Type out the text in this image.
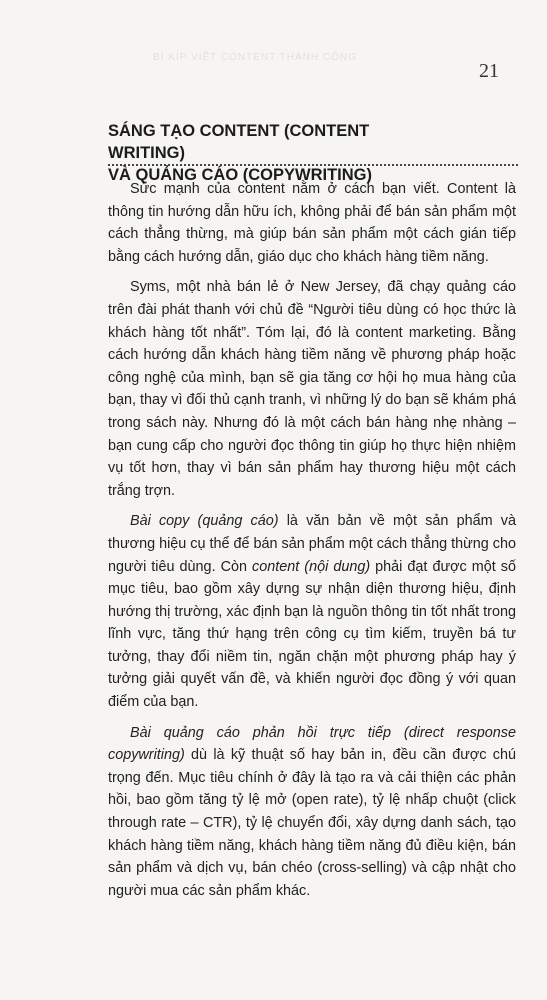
BÍ KÍP VIẾT CONTENT THÀNH CÔNG
21
SÁNG TẠO CONTENT (CONTENT WRITING)
VÀ QUẢNG CÁO (COPYWRITING)

Sức mạnh của content nằm ở cách bạn viết. Content là thông tin hướng dẫn hữu ích, không phải để bán sản phẩm một cách thẳng thừng, mà giúp bán sản phẩm một cách gián tiếp bằng cách hướng dẫn, giáo dục cho khách hàng tiềm năng.

Syms, một nhà bán lẻ ở New Jersey, đã chạy quảng cáo trên đài phát thanh với chủ đề “Người tiêu dùng có học thức là khách hàng tốt nhất”. Tóm lại, đó là content marketing. Bằng cách hướng dẫn khách hàng tiềm năng về phương pháp hoặc công nghệ của mình, bạn sẽ gia tăng cơ hội họ mua hàng của bạn, thay vì đối thủ cạnh tranh, vì những lý do bạn sẽ khám phá trong sách này. Nhưng đó là một cách bán hàng nhẹ nhàng – bạn cung cấp cho người đọc thông tin giúp họ thực hiện nhiệm vụ tốt hơn, thay vì bán sản phẩm hay thương hiệu một cách trắng trợn.

Bài copy (quảng cáo) là văn bản về một sản phẩm và thương hiệu cụ thể để bán sản phẩm một cách thẳng thừng cho người tiêu dùng. Còn content (nội dung) phải đạt được một số mục tiêu, bao gồm xây dựng sự nhận diện thương hiệu, định hướng thị trường, xác định bạn là nguồn thông tin tốt nhất trong lĩnh vực, tăng thứ hạng trên công cụ tìm kiếm, truyền bá tư tưởng, thay đổi niềm tin, ngăn chặn một phương pháp hay ý tưởng giải quyết vấn đề, và khiến người đọc đồng ý với quan điểm của bạn.

Bài quảng cáo phản hồi trực tiếp (direct response copywriting) dù là kỹ thuật số hay bản in, đều cần được chú trọng đến. Mục tiêu chính ở đây là tạo ra và cải thiện các phản hồi, bao gồm tăng tỷ lệ mở (open rate), tỷ lệ nhấp chuột (click through rate – CTR), tỷ lệ chuyển đổi, xây dựng danh sách, tạo khách hàng tiềm năng, khách hàng tiềm năng đủ điều kiện, bán sản phẩm và dịch vụ, bán chéo (cross-selling) và cập nhật cho người mua các sản phẩm khác.
